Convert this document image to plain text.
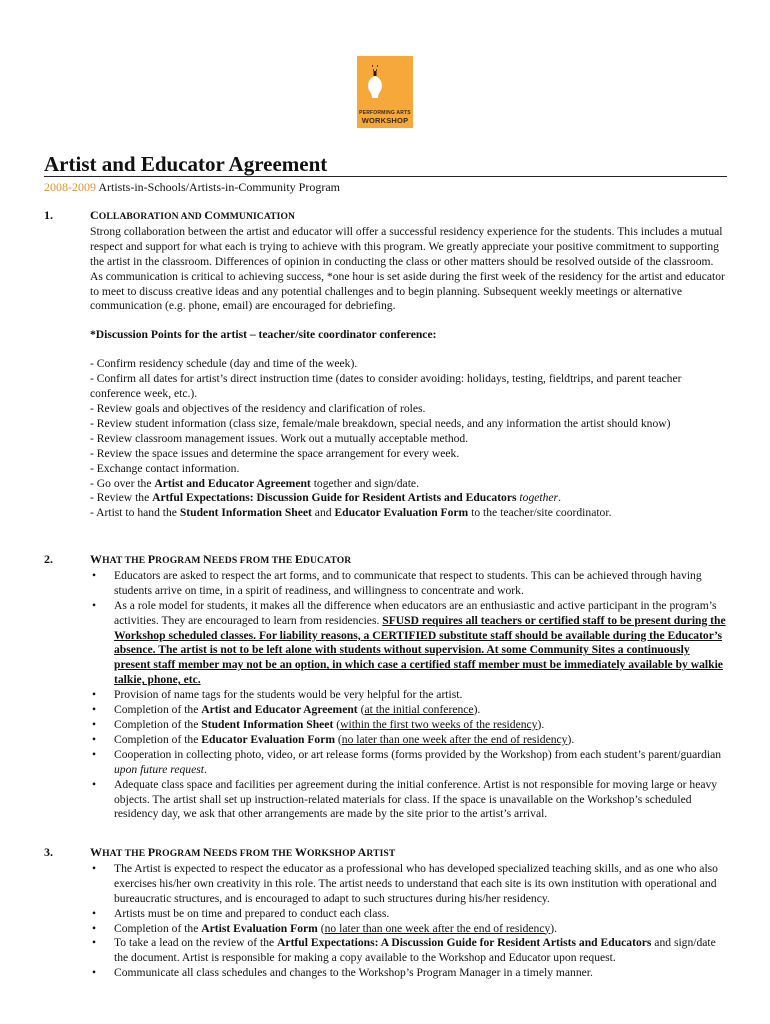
PERFORMING ARTS
WORKSHOP
Artist and Educator Agreement
2008-2009 Artists-in-Schools/Artists-in-Community Program
1.	COLLABORATION AND COMMUNICATION

Strong collaboration between the artist and educator will offer a successful residency experience for the students. This includes a mutual respect and support for what each is trying to achieve with this program. We greatly appreciate your positive commitment to supporting the artist in the classroom. Differences of opinion in conducting the class or other matters should be resolved outside of the classroom. As communication is critical to achieving success, *one hour is set aside during the first week of the residency for the artist and educator to meet to discuss creative ideas and any potential challenges and to begin planning. Subsequent weekly meetings or alternative communication (e.g. phone, email) are encouraged for debriefing.

*Discussion Points for the artist – teacher/site coordinator conference:

- Confirm residency schedule (day and time of the week).

- Confirm all dates for artist’s direct instruction time (dates to consider avoiding: holidays, testing, fieldtrips, and parent teacher conference week, etc.).

- Review goals and objectives of the residency and clarification of roles.

- Review student information (class size, female/male breakdown, special needs, and any information the artist should know)

- Review classroom management issues. Work out a mutually acceptable method.

- Review the space issues and determine the space arrangement for every week.

- Exchange contact information.

- Go over the Artist and Educator Agreement together and sign/date.

- Review the Artful Expectations: Discussion Guide for Resident Artists and Educators together.

- Artist to hand the Student Information Sheet and Educator Evaluation Form to the teacher/site coordinator.

2.	WHAT THE PROGRAM NEEDS FROM THE EDUCATOR
• Educators are asked to respect the art forms, and to communicate that respect to students. This can be achieved through having students arrive on time, in a spirit of readiness, and willingness to concentrate and work.
• As a role model for students, it makes all the difference when educators are an enthusiastic and active participant in the program’s activities. They are encouraged to learn from residencies. SFUSD requires all teachers or certified staff to be present during the Workshop scheduled classes. For liability reasons, a CERTIFIED substitute staff should be available during the Educator’s absence. The artist is not to be left alone with students without supervision. At some Community Sites a continuously present staff member may not be an option, in which case a certified staff member must be immediately available by walkie talkie, phone, etc.
• Provision of name tags for the students would be very helpful for the artist.
• Completion of the Artist and Educator Agreement (at the initial conference).
• Completion of the Student Information Sheet (within the first two weeks of the residency).
• Completion of the Educator Evaluation Form (no later than one week after the end of residency).
• Cooperation in collecting photo, video, or art release forms (forms provided by the Workshop) from each student’s parent/guardian upon future request.
• Adequate class space and facilities per agreement during the initial conference. Artist is not responsible for moving large or heavy objects. The artist shall set up instruction-related materials for class. If the space is unavailable on the Workshop’s scheduled residency day, we ask that other arrangements are made by the site prior to the artist’s arrival.
3.	WHAT THE PROGRAM NEEDS FROM THE WORKSHOP ARTIST
• The Artist is expected to respect the educator as a professional who has developed specialized teaching skills, and as one who also exercises his/her own creativity in this role. The artist needs to understand that each site is its own institution with operational and bureaucratic structures, and is encouraged to adapt to such structures during his/her residency.
• Artists must be on time and prepared to conduct each class.
• Completion of the Artist Evaluation Form (no later than one week after the end of residency).
• To take a lead on the review of the Artful Expectations: A Discussion Guide for Resident Artists and Educators and sign/date the document. Artist is responsible for making a copy available to the Workshop and Educator upon request.
• Communicate all class schedules and changes to the Workshop’s Program Manager in a timely manner.
